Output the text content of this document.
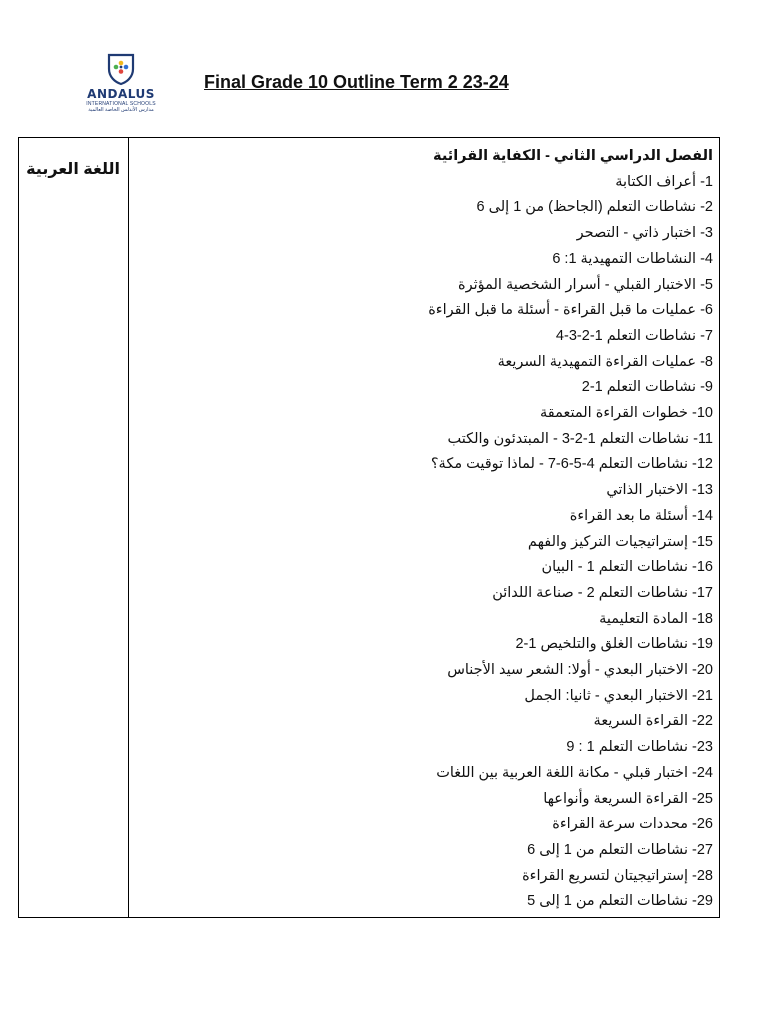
ANDALUS
INTERNATIONAL SCHOOLS
مدارس الأندلس الخاصة العالمية
Final Grade 10 Outline Term 2 23-24
اللغة العربية
الفصل الدراسي الثاني - الكفاية القرائية
1- أعراف الكتابة
2- نشاطات التعلم (الجاحظ) من 1 إلى 6
3- اختبار ذاتي - التصحر
4- النشاطات التمهيدية 1: 6
5- الاختبار القبلي - أسرار الشخصية المؤثرة
6- عمليات ما قبل القراءة - أسئلة ما قبل القراءة
7- نشاطات التعلم 1-2-3-4
8- عمليات القراءة التمهيدية السريعة
9- نشاطات التعلم 1-2
10- خطوات القراءة المتعمقة
11- نشاطات التعلم 1-2-3 - المبتدئون والكتب
12- نشاطات التعلم 4-5-6-7 - لماذا توقيت مكة؟
13- الاختبار الذاتي
14- أسئلة ما بعد القراءة
15- إستراتيجيات التركيز والفهم
16- نشاطات التعلم 1 - البيان
17- نشاطات التعلم 2 - صناعة اللدائن
18- المادة التعليمية
19- نشاطات الغلق والتلخيص 1-2
20- الاختبار البعدي - أولا: الشعر سيد الأجناس
21- الاختبار البعدي - ثانيا: الجمل
22- القراءة السريعة
23- نشاطات التعلم 1 : 9
24- اختبار قبلي - مكانة اللغة العربية بين اللغات
25- القراءة السريعة وأنواعها
26- محددات سرعة القراءة
27- نشاطات التعلم من 1 إلى 6
28- إستراتيجيتان لتسريع القراءة
29- نشاطات التعلم من 1 إلى 5
